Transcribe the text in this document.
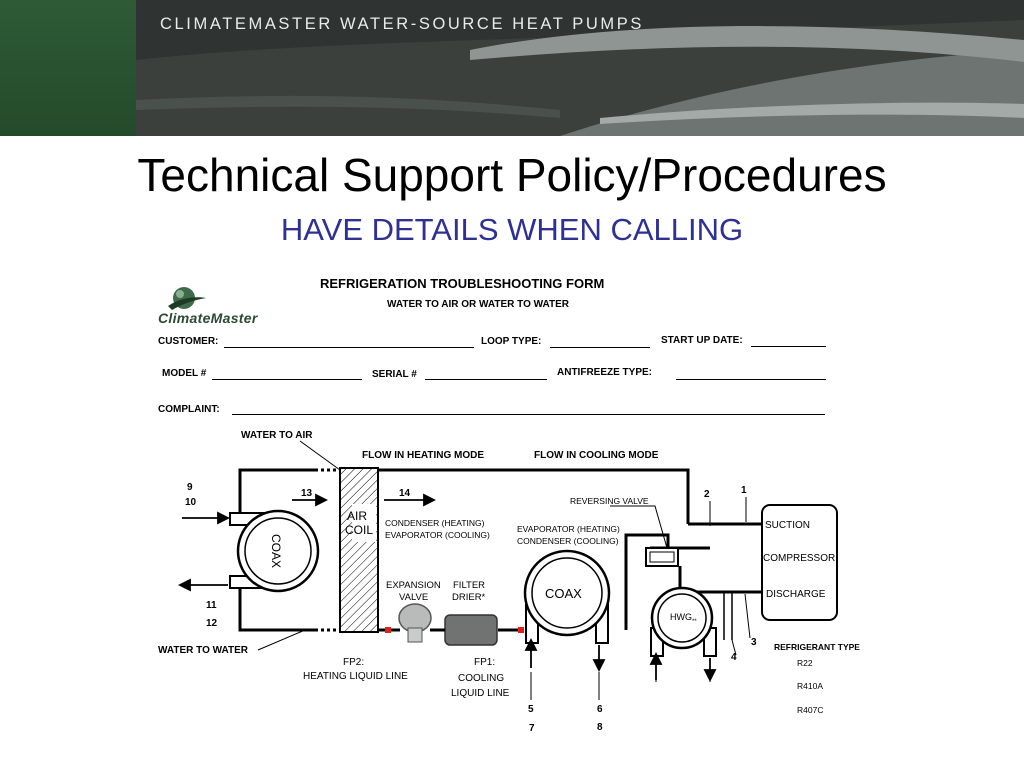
CLIMATEMASTER WATER-SOURCE HEAT PUMPS
Technical Support Policy/Procedures
HAVE DETAILS WHEN CALLING
ClimateMaster
REFRIGERATION TROUBLESHOOTING FORM
WATER TO AIR OR WATER TO WATER
CUSTOMER:	LOOP TYPE:	START UP DATE:
MODEL #	SERIAL #	ANTIFREEZE TYPE:
COMPLAINT:
WATER TO AIR
WATER TO WATER
FLOW IN HEATING MODE	FLOW IN COOLING MODE
AIR
COIL
COAX
COAX
CONDENSER (HEATING)
EVAPORATOR (COOLING)
EVAPORATOR (HEATING)
CONDENSER (COOLING)
REVERSING VALVE
EXPANSION
VALVE
FILTER
DRIER*
$HWG_{**}$
SUCTION
COMPRESSOR
DISCHARGE
FP2:
HEATING LIQUID LINE
FP1:
COOLING
LIQUID LINE
REFRIGERANT TYPE
R22
R410A
R407C
1
2
3
4
5	6
7	8
9
10
11
12
13	14
